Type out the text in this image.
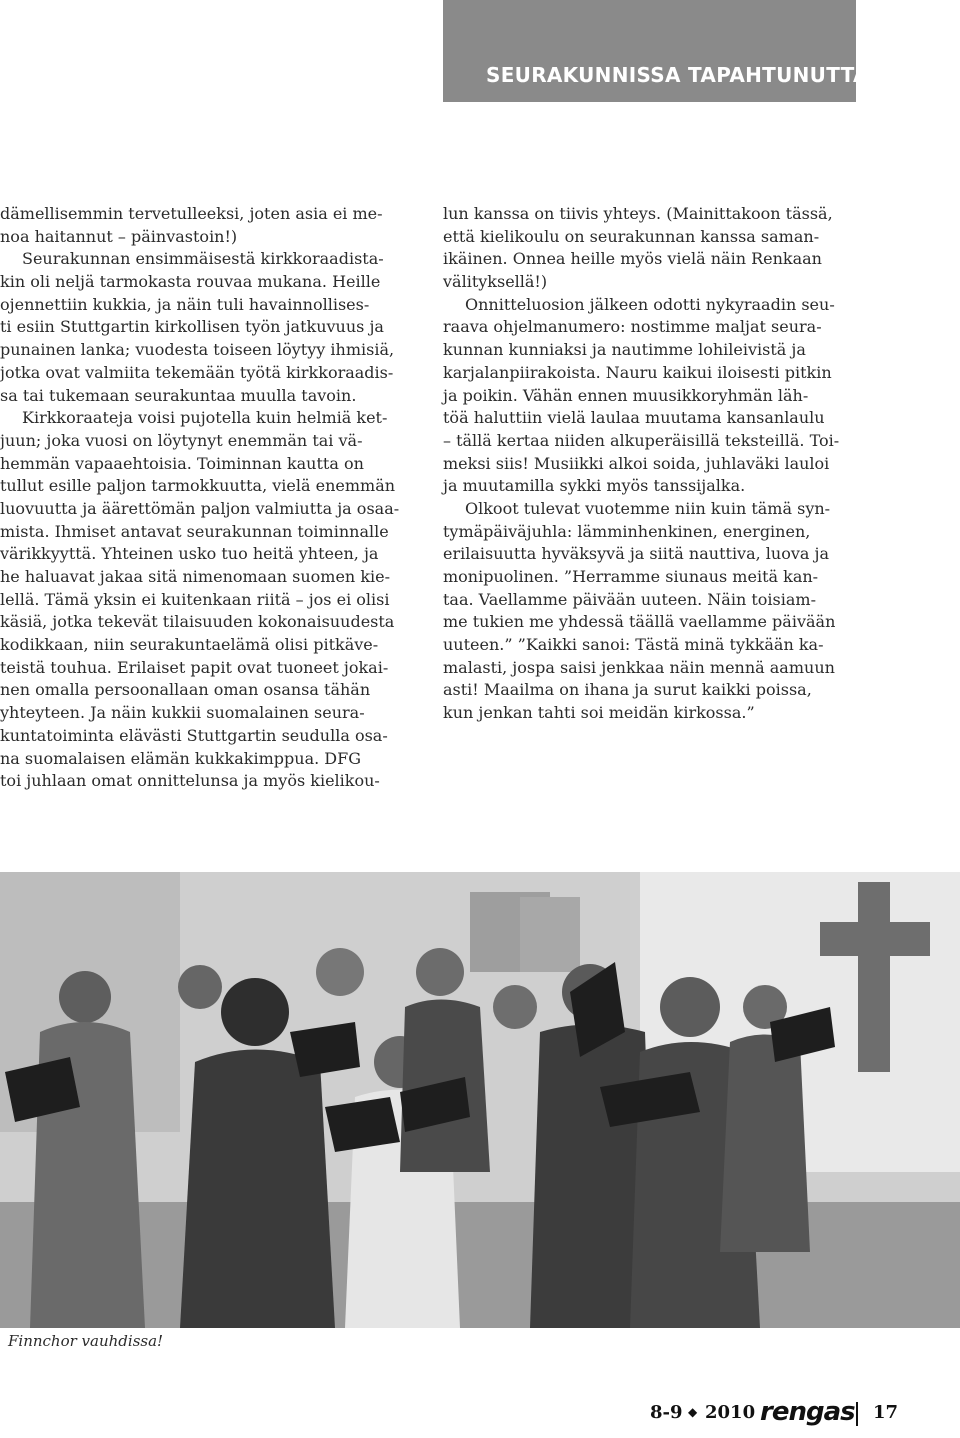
SEURAKUNNISSA TAPAHTUNUTTA
dämellisemmin tervetulleeksi, joten asia ei me-
noa haitannut – päinvastoin!)
Seurakunnan ensimmäisestä kirkkoraadista-
kin oli neljä tarmokasta rouvaa mukana. Heille
ojennettiin kukkia, ja näin tuli havainnollises-
ti esiin Stuttgartin kirkollisen työn jatkuvuus ja
punainen lanka; vuodesta toiseen löytyy ihmisiä,
jotka ovat valmiita tekemään työtä kirkkoraadis-
sa tai tukemaan seurakuntaa muulla tavoin.
Kirkkoraateja voisi pujotella kuin helmiä ket-
juun; joka vuosi on löytynyt enemmän tai vä-
hemmän vapaaehtoisia. Toiminnan kautta on
tullut esille paljon tarmokkuutta, vielä enemmän
luovuutta ja äärettömän paljon valmiutta ja osaa-
mista. Ihmiset antavat seurakunnan toiminnalle
värikkyyttä. Yhteinen usko tuo heitä yhteen, ja
he haluavat jakaa sitä nimenomaan suomen kie-
lellä. Tämä yksin ei kuitenkaan riitä – jos ei olisi
käsiä, jotka tekevät tilaisuuden kokonaisuudesta
kodikkaan, niin seurakuntaelämä olisi pitkäve-
teistä touhua. Erilaiset papit ovat tuoneet jokai-
nen omalla persoonallaan oman osansa tähän
yhteyteen. Ja näin kukkii suomalainen seura-
kuntatoiminta elävästi Stuttgartin seudulla osa-
na suomalaisen elämän kukkakimppua. DFG
toi juhlaan omat onnittelunsa ja myös kielikou-
lun kanssa on tiivis yhteys. (Mainittakoon tässä,
että kielikoulu on seurakunnan kanssa saman-
ikäinen. Onnea heille myös vielä näin Renkaan
välityksellä!)
Onnitteluosion jälkeen odotti nykyraadin seu-
raava ohjelmanumero: nostimme maljat seura-
kunnan kunniaksi ja nautimme lohileivistä ja
karjalanpiirakoista. Nauru kaikui iloisesti pitkin
ja poikin. Vähän ennen muusikkoryhmän läh-
töä haluttiin vielä laulaa muutama kansanlaulu
– tällä kertaa niiden alkuperäisillä teksteillä. Toi-
meksi siis! Musiikki alkoi soida, juhlaväki lauloi
ja muutamilla sykki myös tanssijalka.
Olkoot tulevat vuotemme niin kuin tämä syn-
tymäpäiväjuhla: lämminhenkinen, energinen,
erilaisuutta hyväksyvä ja siitä nauttiva, luova ja
monipuolinen. ”Herramme siunaus meitä kan-
taa. Vaellamme päivään uuteen. Näin toisiam-
me tukien me yhdessä täällä vaellamme päivään
uuteen.” ”Kaikki sanoi: Tästä minä tykkään ka-
malasti, jospa saisi jenkkaa näin mennä aamuun
asti! Maailma on ihana ja surut kaikki poissa,
kun jenkan tahti soi meidän kirkossa.”
Finnchor vauhdissa!
8-9 ◆ 2010 rengas 17
